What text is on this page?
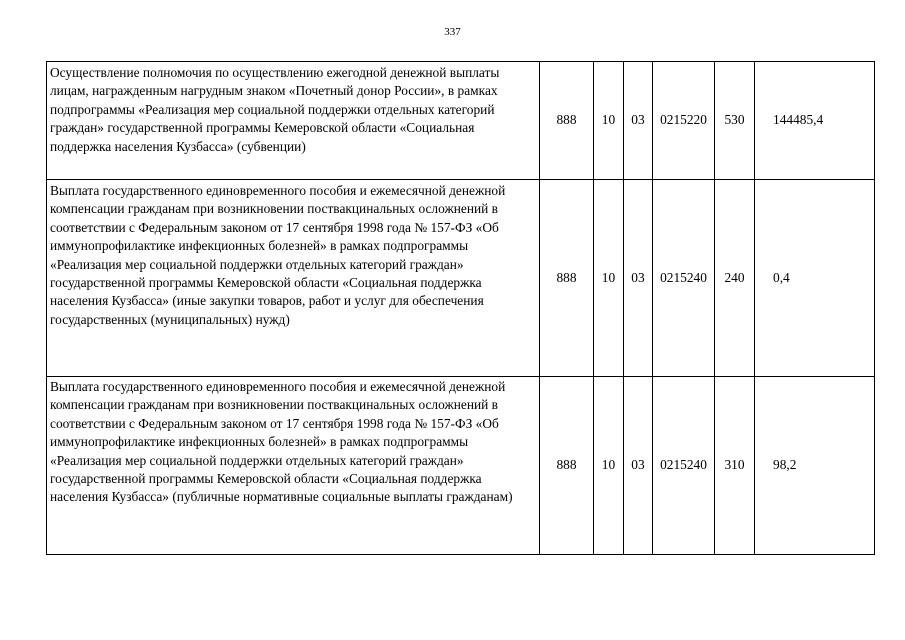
337
Осуществление полномочия по осуществлению ежегодной денежной выплаты лицам, награжденным нагрудным знаком «Почетный донор России», в рамках подпрограммы «Реализация мер социальной поддержки отдельных категорий граждан» государственной программы Кемеровской области «Социальная поддержка населения Кузбасса» (субвенции)	888	10	03	0215220	530	144485,4
Выплата государственного единовременного пособия и ежемесячной денежной компенсации гражданам при возникновении поствакцинальных осложнений в соответствии с Федеральным законом от 17 сентября 1998 года № 157-ФЗ «Об иммунопрофилактике инфекционных болезней» в рамках подпрограммы «Реализация мер социальной поддержки отдельных категорий граждан» государственной программы Кемеровской области «Социальная поддержка населения Кузбасса» (иные закупки товаров, работ и услуг для обеспечения государственных (муниципальных) нужд)	888	10	03	0215240	240	0,4
Выплата государственного единовременного пособия и ежемесячной денежной компенсации гражданам при возникновении поствакцинальных осложнений в соответствии с Федеральным законом от 17 сентября 1998 года № 157-ФЗ «Об иммунопрофилактике инфекционных болезней» в рамках подпрограммы «Реализация мер социальной поддержки отдельных категорий граждан» государственной программы Кемеровской области «Социальная поддержка населения Кузбасса» (публичные нормативные социальные выплаты гражданам)	888	10	03	0215240	310	98,2
